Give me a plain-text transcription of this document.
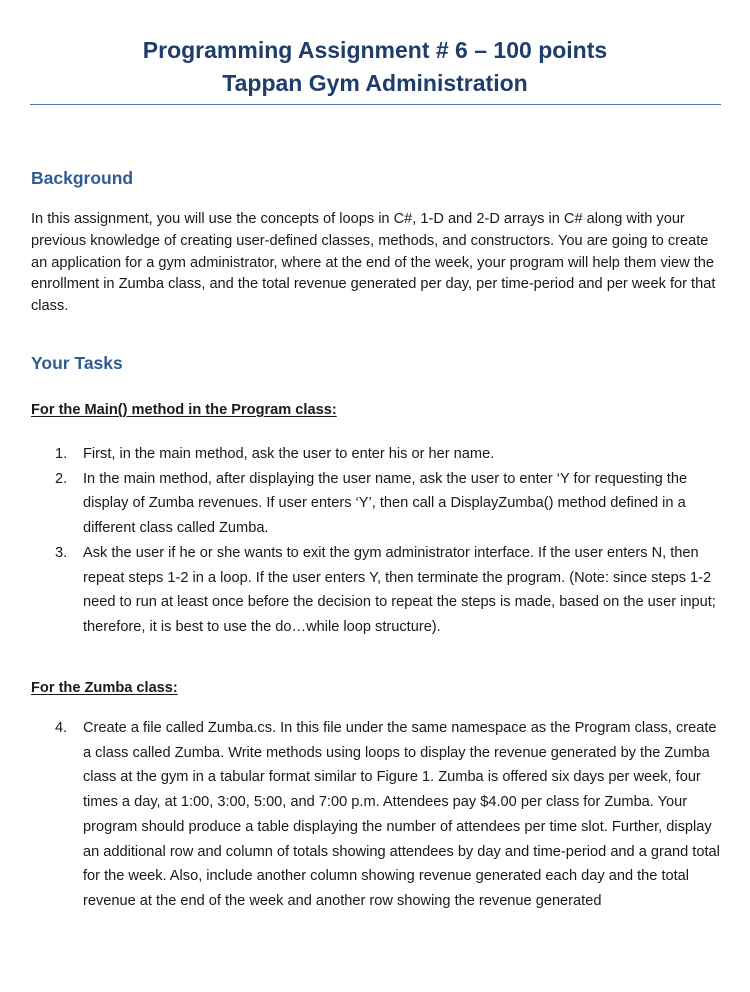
Programming Assignment # 6 – 100 points
Tappan Gym Administration
Background
In this assignment, you will use the concepts of loops in C#, 1-D and 2-D arrays in C# along with your previous knowledge of creating user-defined classes, methods, and constructors. You are going to create an application for a gym administrator, where at the end of the week, your program will help them view the enrollment in Zumba class, and the total revenue generated per day, per time-period and per week for that class.
Your Tasks
For the Main() method in the Program class:
1. First, in the main method, ask the user to enter his or her name.
2. In the main method, after displaying the user name, ask the user to enter ‘Y for requesting the display of Zumba revenues. If user enters ‘Y’, then call a DisplayZumba() method defined in a different class called Zumba.
3. Ask the user if he or she wants to exit the gym administrator interface. If the user enters N, then repeat steps 1-2 in a loop. If the user enters Y, then terminate the program. (Note: since steps 1-2 need to run at least once before the decision to repeat the steps is made, based on the user input; therefore, it is best to use the do…while loop structure).
For the Zumba class:
4. Create a file called Zumba.cs. In this file under the same namespace as the Program class, create a class called Zumba. Write methods using loops to display the revenue generated by the Zumba class at the gym in a tabular format similar to Figure 1. Zumba is offered six days per week, four times a day, at 1:00, 3:00, 5:00, and 7:00 p.m. Attendees pay $4.00 per class for Zumba. Your program should produce a table displaying the number of attendees per time slot. Further, display an additional row and column of totals showing attendees by day and time-period and a grand total for the week. Also, include another column showing revenue generated each day and the total revenue at the end of the week and another row showing the revenue generated
